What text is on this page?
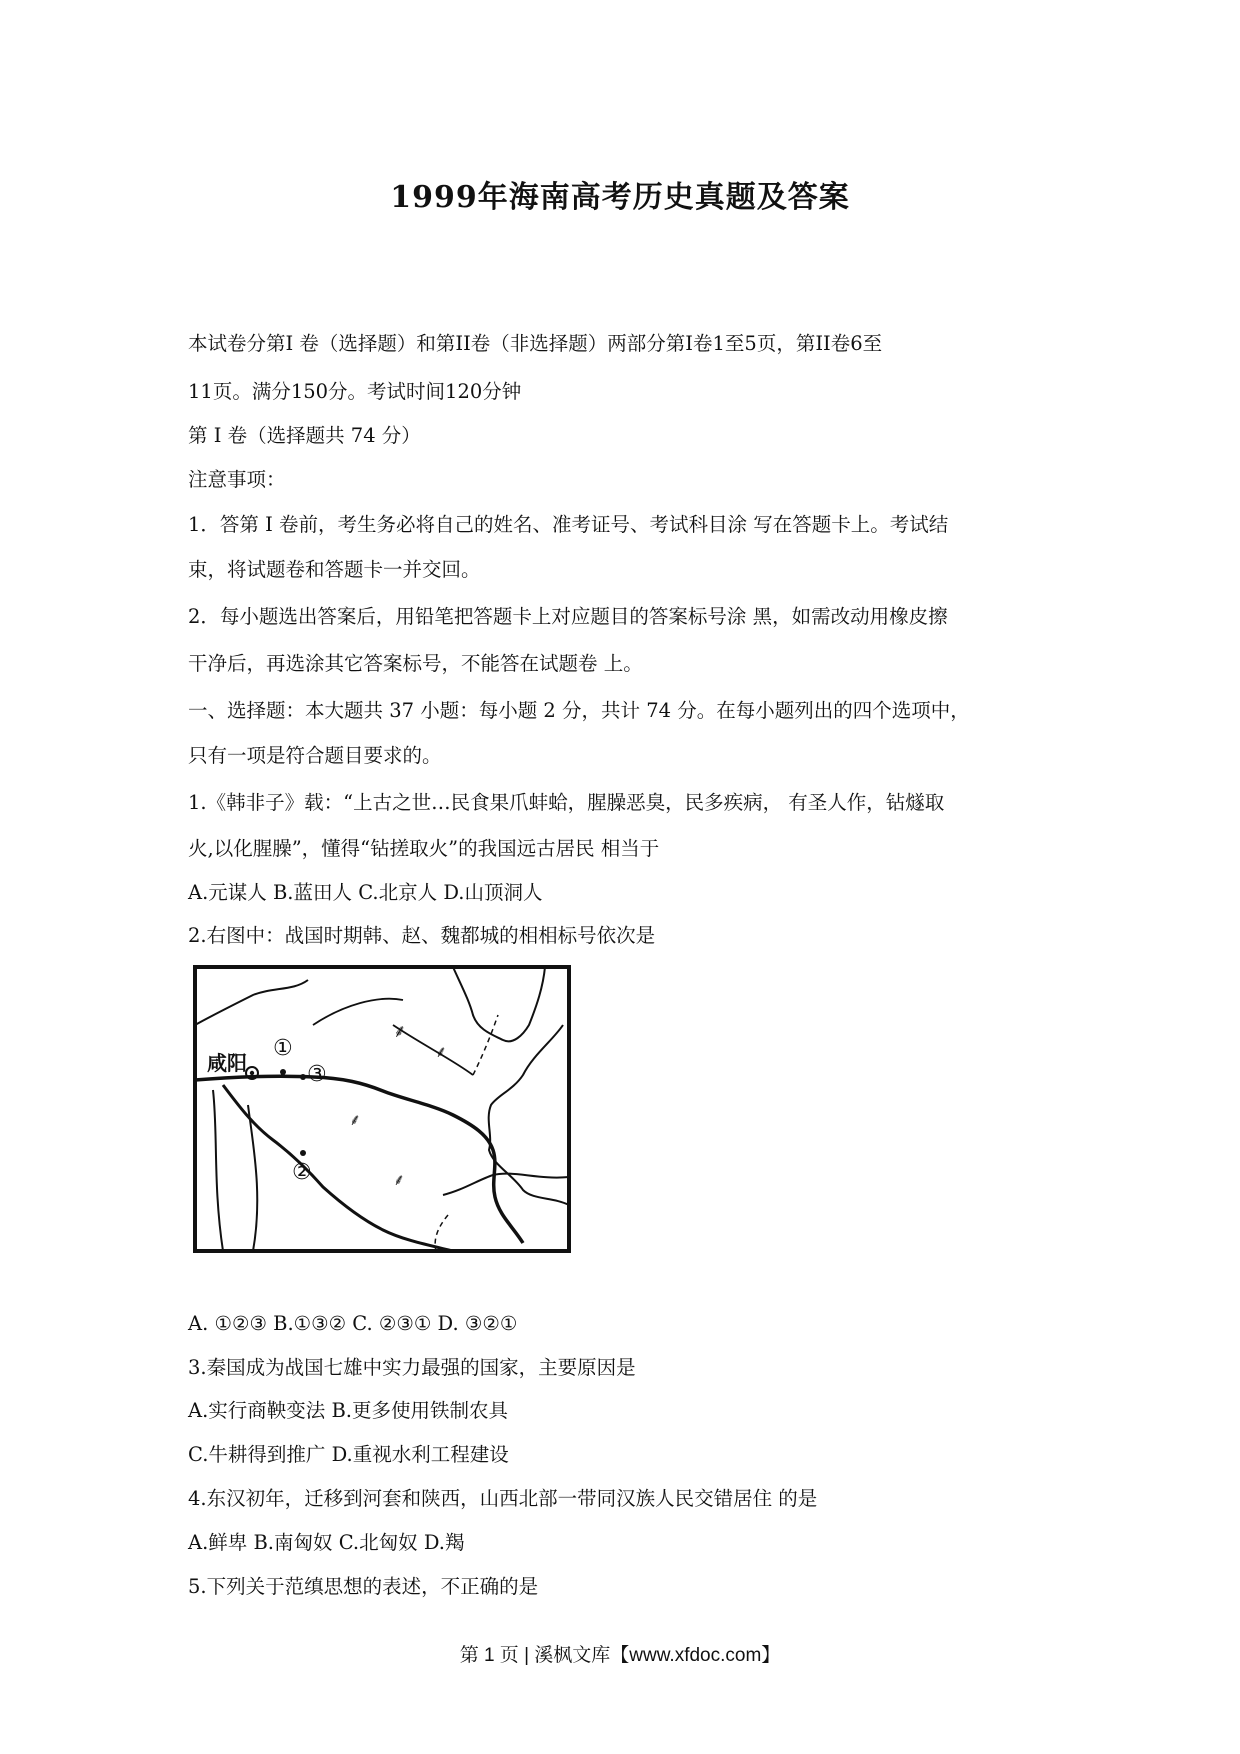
1999年海南高考历史真题及答案
本试卷分第Ⅰ 卷（选择题）和第II卷（非选择题）两部分第Ⅰ卷1至5页，第II卷6至
11页。满分150分。考试时间120分钟
第 Ⅰ 卷（选择题共 74 分）
注意事项：
1．答第 Ⅰ 卷前，考生务必将自己的姓名、准考证号、考试科目涂 写在答题卡上。考试结
束，将试题卷和答题卡一并交回。
2．每小题选出答案后，用铅笔把答题卡上对应题目的答案标号涂 黑，如需改动用橡皮擦
干净后，再选涂其它答案标号，不能答在试题卷 上。
一、选择题：本大题共 37 小题：每小题 2 分，共计 74 分。在每小题列出的四个选项中，
只有一项是符合题目要求的。
1.《韩非子》载：“上古之世…民食果爪蚌蛤，腥臊恶臭，民多疾病， 有圣人作，钻燧取
火,以化腥臊”，懂得“钻搓取火”的我国远古居民 相当于
A.元谋人 B.蓝田人 C.北京人 D.山顶洞人
2.右图中：战国时期韩、赵、魏都城的相相标号依次是
⸙
⸙
⸙
⸙
咸阳
①
③
②
A. ①②③ B.①③② C. ②③① D. ③②①
3.秦国成为战国七雄中实力最强的国家，主要原因是
A.实行商鞅变法 B.更多使用铁制农具
C.牛耕得到推广 D.重视水利工程建设
4.东汉初年，迁移到河套和陕西，山西北部一带同汉族人民交错居住 的是
A.鲜卑 B.南匈奴 C.北匈奴 D.羯
5.下列关于范缜思想的表述，不正确的是
第 1 页 | 溪枫文库【www.xfdoc.com】
